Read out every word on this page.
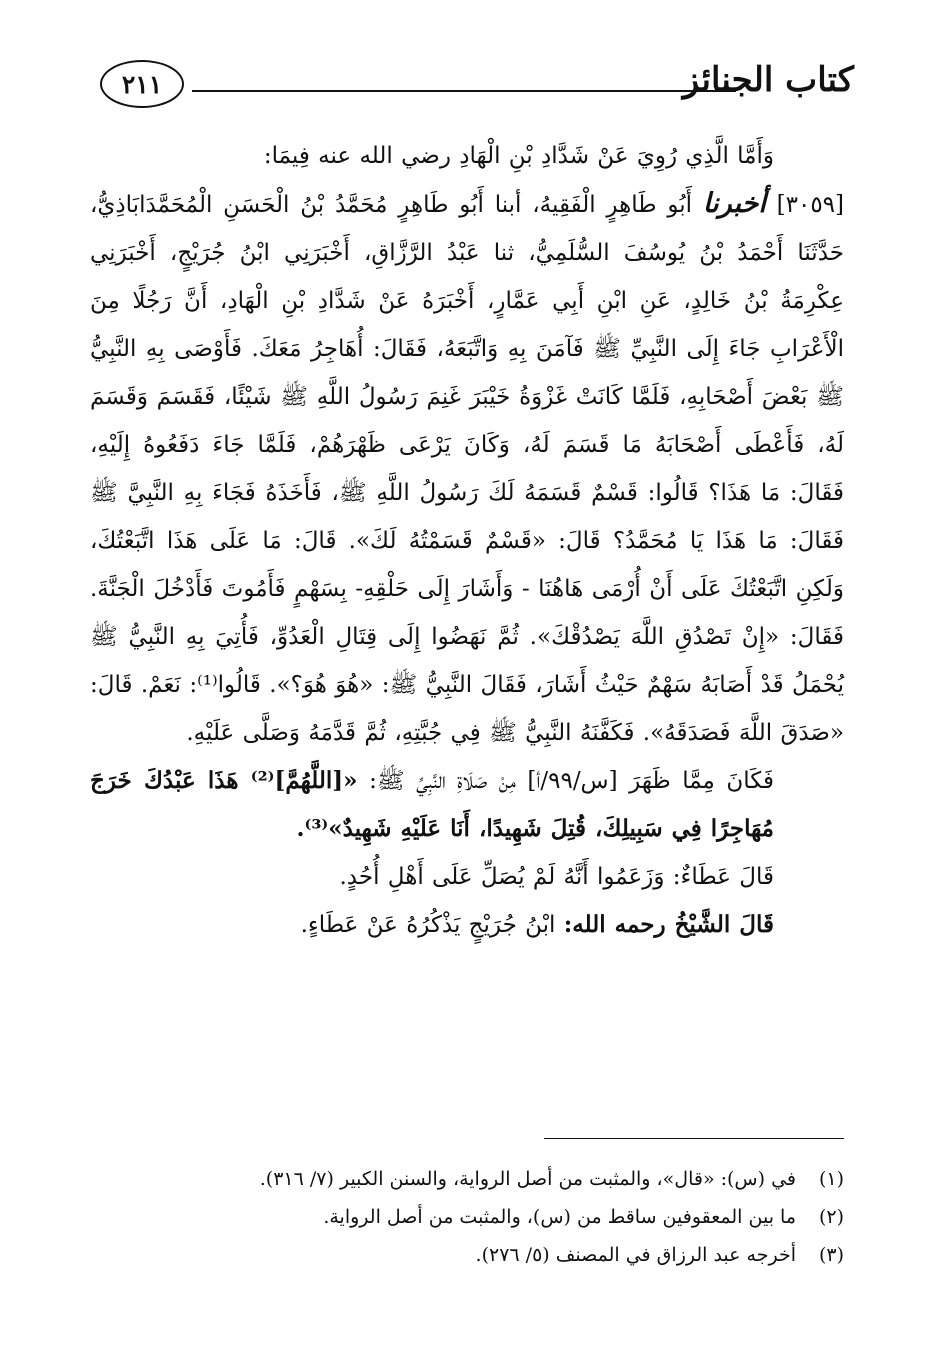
كتاب الجنائز
٢١١

وَأَمَّا الَّذِي رُوِيَ عَنْ شَدَّادِ بْنِ الْهَادِ رضي الله عنه فِيمَا:

[٣٠٥٩] أخبرنا أَبُو طَاهِرٍ الْفَقِيهُ، أبنا أَبُو طَاهِرٍ مُحَمَّدُ بْنُ الْحَسَنِ الْمُحَمَّدَابَاذِيُّ، حَدَّثَنَا أَحْمَدُ بْنُ يُوسُفَ السُّلَمِيُّ، ثنا عَبْدُ الرَّزَّاقِ، أَخْبَرَنِي ابْنُ جُرَيْجٍ، أَخْبَرَنِي عِكْرِمَةُ بْنُ خَالِدٍ، عَنِ ابْنِ أَبِي عَمَّارٍ، أَخْبَرَهُ عَنْ شَدَّادِ بْنِ الْهَادِ، أَنَّ رَجُلًا مِنَ الْأَعْرَابِ جَاءَ إِلَى النَّبِيِّ ﷺ فَآمَنَ بِهِ وَاتَّبَعَهُ، فَقَالَ: أُهَاجِرُ مَعَكَ. فَأَوْصَى بِهِ النَّبِيُّ ﷺ بَعْضَ أَصْحَابِهِ، فَلَمَّا كَانَتْ غَزْوَةُ خَيْبَرَ غَنِمَ رَسُولُ اللَّهِ ﷺ شَيْئًا، فَقَسَمَ وَقَسَمَ لَهُ، فَأَعْطَى أَصْحَابَهُ مَا قَسَمَ لَهُ، وَكَانَ يَرْعَى ظَهْرَهُمْ، فَلَمَّا جَاءَ دَفَعُوهُ إِلَيْهِ، فَقَالَ: مَا هَذَا؟ قَالُوا: قَسْمٌ قَسَمَهُ لَكَ رَسُولُ اللَّهِ ﷺ، فَأَخَذَهُ فَجَاءَ بِهِ النَّبِيَّ ﷺ فَقَالَ: مَا هَذَا يَا مُحَمَّدُ؟ قَالَ: «قَسْمٌ قَسَمْتُهُ لَكَ». قَالَ: مَا عَلَى هَذَا اتَّبَعْتُكَ، وَلَكِنِ اتَّبَعْتُكَ عَلَى أَنْ أُرْمَى هَاهُنَا - وَأَشَارَ إِلَى حَلْقِهِ- بِسَهْمٍ فَأَمُوتَ فَأَدْخُلَ الْجَنَّةَ. فَقَالَ: «إِنْ تَصْدُقِ اللَّهَ يَصْدُقْكَ». ثُمَّ نَهَضُوا إِلَى قِتَالِ الْعَدُوِّ، فَأُتِيَ بِهِ النَّبِيُّ ﷺ يُحْمَلُ قَدْ أَصَابَهُ سَهْمٌ حَيْثُ أَشَارَ، فَقَالَ النَّبِيُّ ﷺ: «هُوَ هُوَ؟». قَالُوا⁽¹⁾: نَعَمْ. قَالَ: «صَدَقَ اللَّهَ فَصَدَقَهُ». فَكَفَّنَهُ النَّبِيُّ ﷺ فِي جُبَّتِهِ، ثُمَّ قَدَّمَهُ وَصَلَّى عَلَيْهِ.

فَكَانَ مِمَّا ظَهَرَ [س/٩٩/أ] مِنْ صَلَاةِ النَّبِيِّ ﷺ: «[اللَّهُمَّ]⁽²⁾ هَذَا عَبْدُكَ خَرَجَ مُهَاجِرًا فِي سَبِيلِكَ، قُتِلَ شَهِيدًا، أَنَا عَلَيْهِ شَهِيدٌ»⁽³⁾.

قَالَ عَطَاءٌ: وَزَعَمُوا أَنَّهُ لَمْ يُصَلِّ عَلَى أَهْلِ أُحُدٍ.

قَالَ الشَّيْخُ رحمه الله: ابْنُ جُرَيْجٍ يَذْكُرُهُ عَنْ عَطَاءٍ.

(١)
في (س): «قال»، والمثبت من أصل الرواية، والسنن الكبير (٧/ ٣١٦).
(٢)
ما بين المعقوفين ساقط من (س)، والمثبت من أصل الرواية.
(٣)
أخرجه عبد الرزاق في المصنف (٥/ ٢٧٦).
